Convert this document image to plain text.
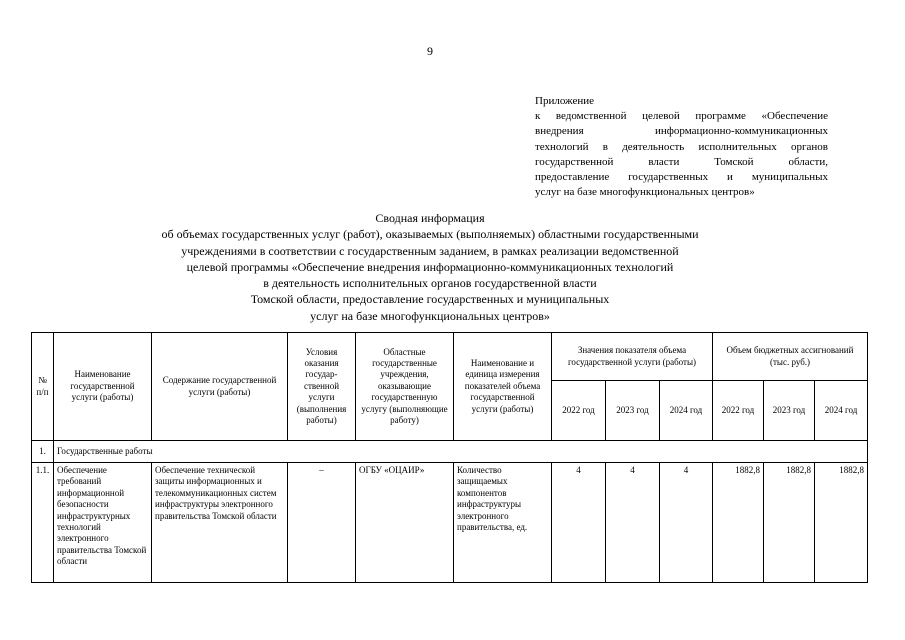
9
Приложение
к ведомственной целевой программе «Обеспечение
внедрения информационно-коммуникационных
технологий в деятельность исполнительных органов
государственной власти Томской области,
предоставление государственных и муниципальных
услуг на базе многофункциональных центров»
Сводная информация
об объемах государственных услуг (работ), оказываемых (выполняемых) областными государственными
учреждениями в соответствии с государственным заданием, в рамках реализации ведомственной
целевой программы «Обеспечение внедрения информационно-коммуникационных технологий
в деятельность исполнительных органов государственной власти
Томской области, предоставление государственных и муниципальных
услуг на базе многофункциональных центров»
№ п/п	Наименование государственной услуги (работы)	Содержание государственной услуги (работы)	Условия оказания государ-ственной услуги (выполнения работы)	Областные государственные учреждения, оказывающие государственную услугу (выполняющие работу)	Наименование и единица измерения показателей объема государственной услуги (работы)	Значения показателя объема государственной услуги (работы)			Объем бюджетных ассигнований (тыс. руб.)		
						2022 год	2023 год	2024 год	2022 год	2023 год	2024 год
1.	Государственные работы										
1.1.	Обеспечение требований информационной безопасности инфраструктурных технологий электронного правительства Томской области	Обеспечение технической защиты информационных и телекоммуникационных систем инфраструктуры электронного правительства Томской области	–	ОГБУ «ОЦАИР»	Количество защищаемых компонентов инфраструктуры электронного правительства, ед.	4	4	4	1882,8	1882,8	1882,8
